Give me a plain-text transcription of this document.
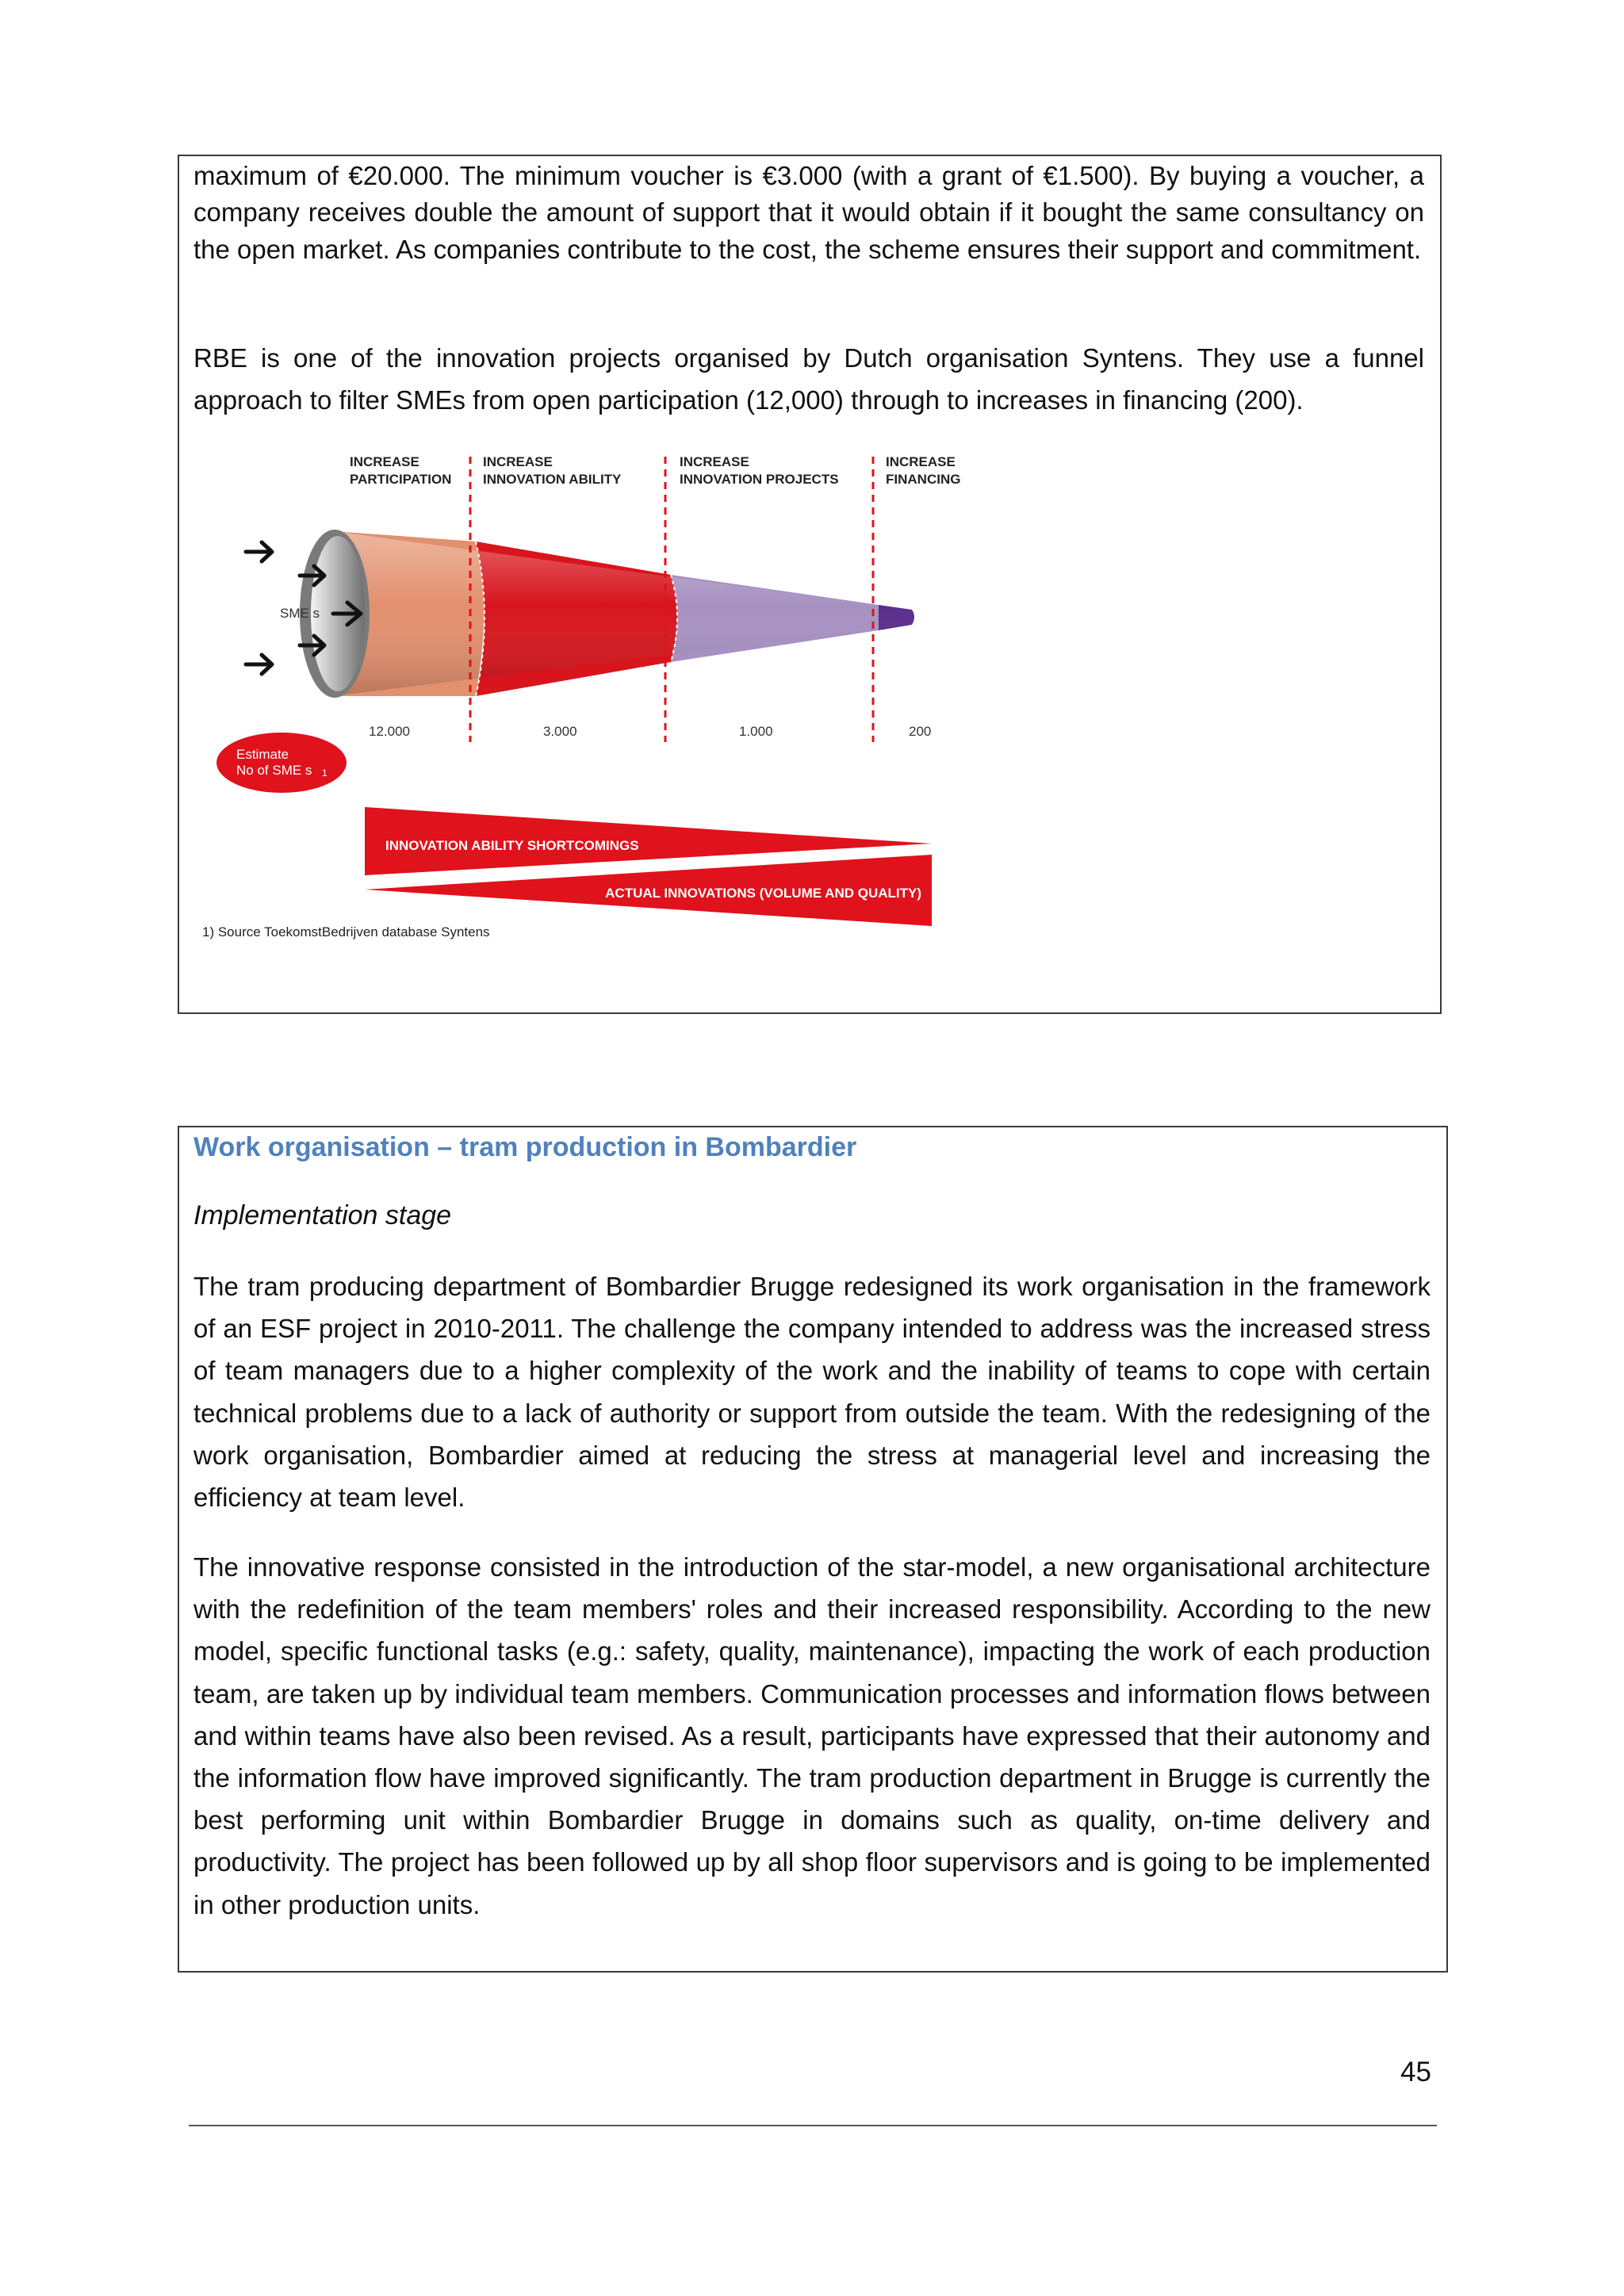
maximum of €20.000. The minimum voucher is €3.000 (with a grant of €1.500). By buying a voucher, a company receives double the amount of support that it would obtain if it bought the same consultancy on the open market. As companies contribute to the cost, the scheme ensures their support and commitment.

RBE is one of the innovation projects organised by Dutch organisation Syntens. They use a funnel approach to filter SMEs from open participation (12,000) through to increases in financing (200).

INCREASE
PARTICIPATION
INCREASE
INNOVATION ABILITY
INCREASE
INNOVATION PROJECTS
INCREASE
FINANCING
SME s
12.000	3.000	1.000	200
Estimate
No of SME s 1
INNOVATION ABILITY SHORTCOMINGS
ACTUAL INNOVATIONS (VOLUME AND QUALITY)
1) Source ToekomstBedrijven database Syntens

Work organisation – tram production in Bombardier

Implementation stage

The tram producing department of Bombardier Brugge redesigned its work organisation in the framework of an ESF project in 2010-2011. The challenge the company intended to address was the increased stress of team managers due to a higher complexity of the work and the inability of teams to cope with certain technical problems due to a lack of authority or support from outside the team. With the redesigning of the work organisation, Bombardier aimed at reducing the stress at managerial level and increasing the efficiency at team level.

The innovative response consisted in the introduction of the star-model, a new organisational architecture with the redefinition of the team members' roles and their increased responsibility. According to the new model, specific functional tasks (e.g.: safety, quality, maintenance), impacting the work of each production team, are taken up by individual team members. Communication processes and information flows between and within teams have also been revised. As a result, participants have expressed that their autonomy and the information flow have improved significantly. The tram production department in Brugge is currently the best performing unit within Bombardier Brugge in domains such as quality, on-time delivery and productivity. The project has been followed up by all shop floor supervisors and is going to be implemented in other production units.

45
